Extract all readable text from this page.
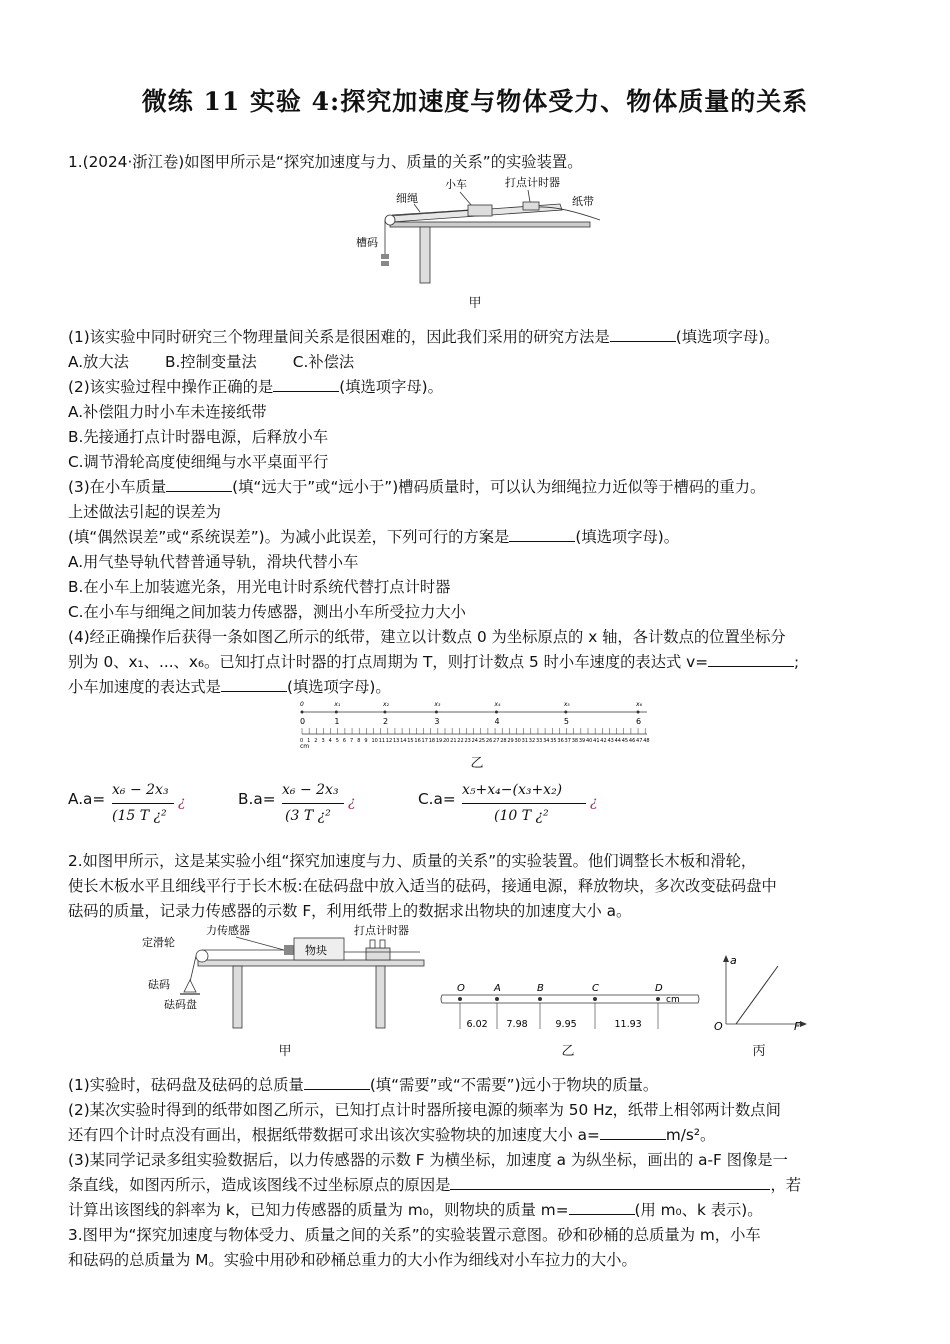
微练 11 实验 4:探究加速度与物体受力、物体质量的关系
1.(2024·浙江卷)如图甲所示是“探究加速度与力、质量的关系”的实验装置。
小车	打点计时器
细绳	纸带
槽码
甲
(1)该实验中同时研究三个物理量间关系是很困难的，因此我们采用的研究方法是	(填选项字母)。
A.放大法 B.控制变量法 C.补偿法
(2)该实验过程中操作正确的是	(填选项字母)。
A.补偿阻力时小车未连接纸带
B.先接通打点计时器电源，后释放小车
C.调节滑轮高度使细绳与水平桌面平行
(3)在小车质量	(填“远大于”或“远小于”)槽码质量时，可以认为细绳拉力近似等于槽码的重力。
上述做法引起的误差为
(填“偶然误差”或“系统误差”)。为减小此误差，下列可行的方案是	(填选项字母)。
A.用气垫导轨代替普通导轨，滑块代替小车
B.在小车上加装遮光条，用光电计时系统代替打点计时器
C.在小车与细绳之间加装力传感器，测出小车所受拉力大小
(4)经正确操作后获得一条如图乙所示的纸带，建立以计数点 0 为坐标原点的 x 轴，各计数点的位置坐标分
别为 0、x₁、...、x₆。已知打点计时器的打点周期为 T，则打计数点 5 时小车速度的表达式 v=	;
小车加速度的表达式是	(填选项字母)。
0 1 2 3 4 5 6 7 8 9 10 11 12 13 14 15 16 17 18 19 20 21 22 23 24 25 26 27 28 29 30 31 32 33 34 35 36 37 38 39 40 41 42 43 44 45 46 47 48
cm
0
0
x₁
1
x₂
2
x₃
3
x₄
4
x₅
5
x₆
6
乙
A.a= x₆ − 2x₃
(15 T ¿²
¿	B.a= x₆ − 2x₃
(3 T ¿²
¿	C.a= x₅+x₄−(x₃+x₂)
(10 T ¿²
¿
2.如图甲所示，这是某实验小组“探究加速度与力、质量的关系”的实验装置。他们调整长木板和滑轮，
使长木板水平且细线平行于长木板:在砝码盘中放入适当的砝码，接通电源，释放物块，多次改变砝码盘中
砝码的质量，记录力传感器的示数 F，利用纸带上的数据求出物块的加速度大小 a。
定滑轮
力传感器	打点计时器
砝码
砝码盘
物块
O	A	B	C	D
cm
6.02 7.98	9.95	11.93
a
F
O
甲	乙	丙
(1)实验时，砝码盘及砝码的总质量	(填“需要”或“不需要”)远小于物块的质量。
(2)某次实验时得到的纸带如图乙所示，已知打点计时器所接电源的频率为 50 Hz，纸带上相邻两计数点间
还有四个计时点没有画出，根据纸带数据可求出该次实验物块的加速度大小 a=	m/s²。
(3)某同学记录多组实验数据后，以力传感器的示数 F 为横坐标，加速度 a 为纵坐标，画出的 a-F 图像是一
条直线，如图丙所示，造成该图线不过坐标原点的原因是	，若
计算出该图线的斜率为 k，已知力传感器的质量为 m₀，则物块的质量 m=	(用 m₀、k 表示)。
3.图甲为“探究加速度与物体受力、质量之间的关系”的实验装置示意图。砂和砂桶的总质量为 m，小车
和砝码的总质量为 M。实验中用砂和砂桶总重力的大小作为细线对小车拉力的大小。
